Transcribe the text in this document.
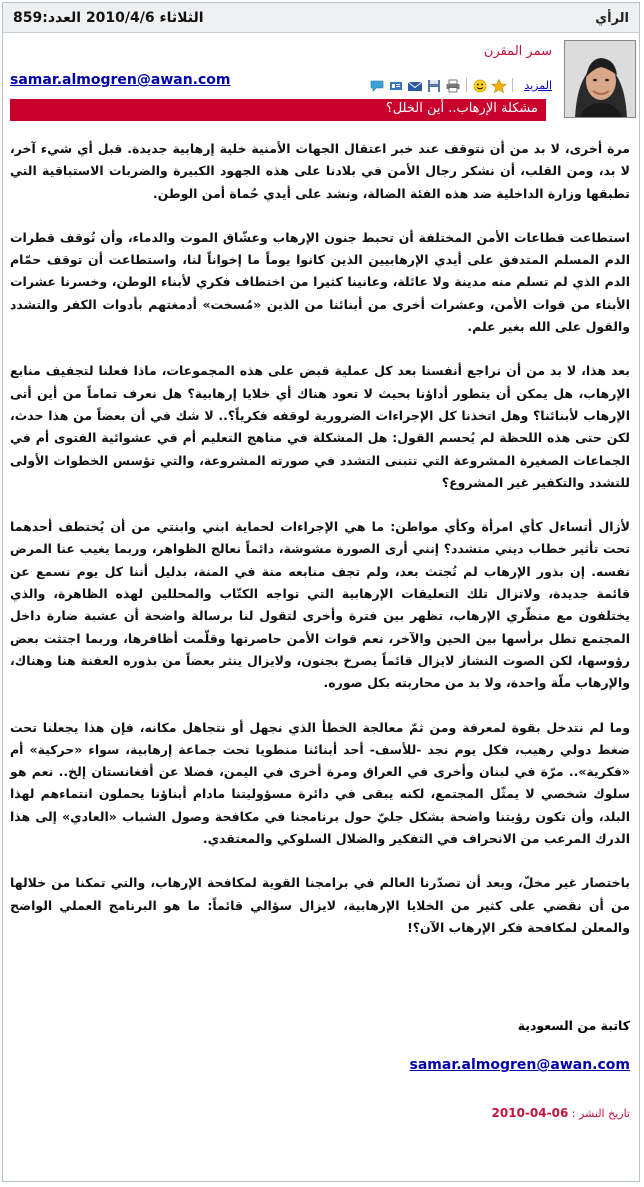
الرأي
الثلاثاء 2010/4/6 العدد:859
سمر المقرن
samar.almogren@awan.com	المزيد
مشكلة الإرهاب.. أين الخلل؟

مرة أخرى، لا بد من أن نتوقف عند خبر اعتقال الجهات الأمنية خلية إرهابية جديدة. قبل أي شيء آخر، لا بد، ومن القلب، أن نشكر رجال الأمن في بلادنا على هذه الجهود الكبيرة والضربات الاستباقية التي تطبقها وزارة الداخلية ضد هذه الفئة الضالة، ونشد على أيدي حُماة أمن الوطن.

استطاعت قطاعات الأمن المختلفة أن تحبط جنون الإرهاب وعشّاق الموت والدماء، وأن تُوقف قطرات الدم المسلم المتدفق على أيدي الإرهابيين الذين كانوا يوماً ما إخواناً لنا، واستطاعت أن توقف حمّام الدم الذي لم تسلم منه مدينة ولا عائلة، وعانينا كثيرا من اختطاف فكري لأبناء الوطن، وخسرنا عشرات الأبناء من قوات الأمن، وعشرات أخرى من أبنائنا من الذين «مُسخت» أدمغتهم بأدوات الكفر والتشدد والقول على الله بغير علم.

بعد هذا، لا بد من أن نراجع أنفسنا بعد كل عملية قبض على هذه المجموعات، ماذا فعلنا لتجفيف منابع الإرهاب، هل يمكن أن يتطور أداؤنا بحيث لا تعود هناك أي خلايا إرهابية؟ هل نعرف تماماً من أين أتى الإرهاب لأبنائنا؟ وهل اتخذنا كل الإجراءات الضرورية لوقفه فكرياً؟.. لا شك في أن بعضاً من هذا حدث، لكن حتى هذه اللحظة لم يُحسم القول: هل المشكلة في مناهج التعليم أم في عشوائية الفتوى أم في الجماعات الصغيرة المشروعة التي تتبنى التشدد في صورته المشروعة، والتي تؤسس الخطوات الأولى للتشدد والتكفير غير المشروع؟

لأزال أتساءل كأي امرأة وكأي مواطن: ما هي الإجراءات لحماية ابني وابنتي من أن يُختطف أحدهما تحت تأثير خطاب ديني متشدد؟ إنني أرى الصورة مشوشة، دائماً نعالج الظواهر، وربما يغيب عنا المرض نفسه. إن بذور الإرهاب لم تُجتث بعد، ولم تجف منابعه منة في المنة، بدليل أننا كل يوم نسمع عن قائمة جديدة، ولاتزال تلك التعليقات الإرهابية التي تواجه الكتّاب والمحللين لهذه الظاهرة، والذي يختلفون مع منظّري الإرهاب، تظهر بين فترة وأخرى لتقول لنا برسالة واضحة أن عشبة ضارة داخل المجتمع تطل برأسها بين الحين والآخر، نعم قوات الأمن حاصرتها وقلّمت أظافرها، وربما اجتثت بعض رؤوسها، لكن الصوت النشاز لايزال قائماً يصرخ بجنون، ولايزال ينثر بعضاً من بذوره العفنة هنا وهناك، والإرهاب ملّة واحدة، ولا بد من محاربته بكل صوره.

وما لم نتدخل بقوة لمعرفة ومن ثمّ معالجة الخطأ الذي نجهل أو نتجاهل مكانه، فإن هذا يجعلنا تحت ضغط دولي رهيب، فكل يوم نجد -للأسف- أحد أبنائنا منطويا تحت جماعة إرهابية، سواء «حركية» أم «فكرية».. مرّة في لبنان وأخرى في العراق ومرة أخرى في اليمن، فضلا عن أفغانستان إلخ.. نعم هو سلوك شخصي لا يمثّل المجتمع، لكنه يبقى في دائرة مسؤوليتنا مادام أبناؤنا يحملون انتماءهم لهذا البلد، وأن تكون رؤيتنا واضحة بشكل جليّ حول برنامجنا في مكافحة وصول الشباب «العادي» إلى هذا الدرك المرعب من الانحراف في التفكير والضلال السلوكي والمعتقدي.

باختصار غير مخلّ، وبعد أن تصدّرنا العالم في برامجنا القوية لمكافحة الإرهاب، والتي تمكنا من خلالها من أن نقضي على كثير من الخلايا الإرهابية، لايزال سؤالي قائماً: ما هو البرنامج العملي الواضح والمعلن لمكافحة فكر الإرهاب الآن؟!

كاتبة من السعودية
samar.almogren@awan.com
تاريخ النشر : 06-04-2010
